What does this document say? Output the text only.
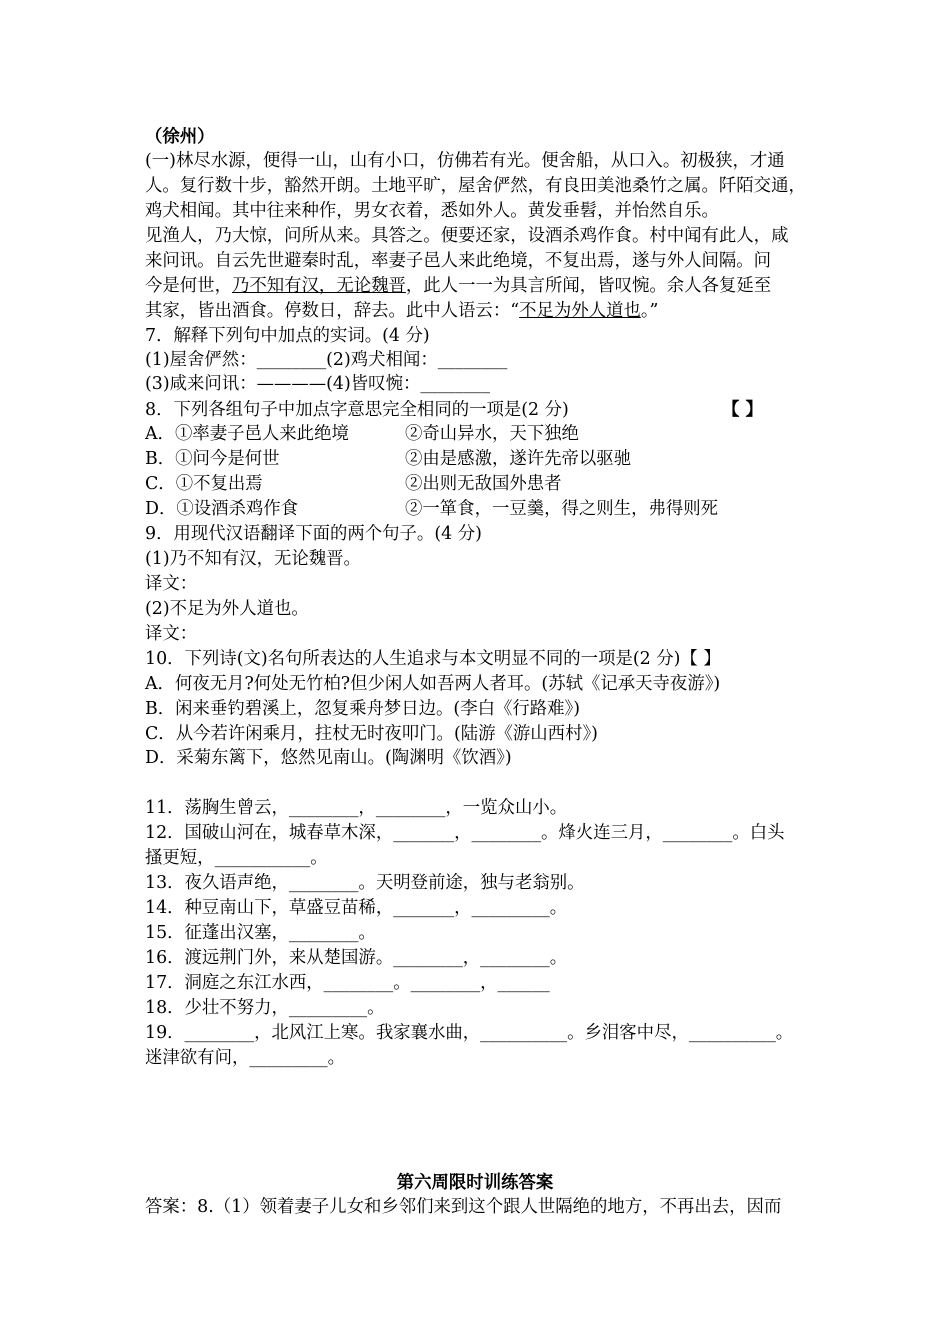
（徐州）
(一)林尽水源，便得一山，山有小口，仿佛若有光。便舍船，从口入。初极狭，才通
人。复行数十步，豁然开朗。土地平旷，屋舍俨然，有良田美池桑竹之属。阡陌交通，
鸡犬相闻。其中往来种作，男女衣着，悉如外人。黄发垂髫，并怡然自乐。
见渔人，乃大惊，问所从来。具答之。便要还家，设酒杀鸡作食。村中闻有此人，咸
来问讯。自云先世避秦时乱，率妻子邑人来此绝境，不复出焉，遂与外人间隔。问
今是何世，乃不知有汉，无论魏晋，此人一一为具言所闻，皆叹惋。余人各复延至
其家，皆出酒食。停数日，辞去。此中人语云：“不足为外人道也。”
7．解释下列句中加点的实词。(4 分)
(1)屋舍俨然：________(2)鸡犬相闻：________
(3)咸来问讯：————(4)皆叹惋：________
8．下列各组句子中加点字意思完全相同的一项是(2 分)	【 】
A．①率妻子邑人来此绝境	②奇山异水，天下独绝
B．①问今是何世	②由是感激，遂许先帝以驱驰
C．①不复出焉	②出则无敌国外患者
D．①设酒杀鸡作食	②一箪食，一豆羹，得之则生，弗得则死
9．用现代汉语翻译下面的两个句子。(4 分)
(1)乃不知有汉，无论魏晋。
译文：
(2)不足为外人道也。
译文：
10．下列诗(文)名句所表达的人生追求与本文明显不同的一项是(2 分)【 】
A．何夜无月?何处无竹柏?但少闲人如吾两人者耳。(苏轼《记承天寺夜游》)
B．闲来垂钓碧溪上，忽复乘舟梦日边。(李白《行路难》)
C．从今若许闲乘月，拄杖无时夜叩门。(陆游《游山西村》)
D．采菊东篱下，悠然见南山。(陶渊明《饮酒》)
11．荡胸生曾云，________，________，一览众山小。
12．国破山河在，城春草木深，_______，________。烽火连三月，________。白头
搔更短，___________。
13．夜久语声绝，________。天明登前途，独与老翁别。
14．种豆南山下，草盛豆苗稀，_______，_________。
15．征蓬出汉塞，________。
16．渡远荆门外，来从楚国游。________，________。
17．洞庭之东江水西，________。________，______
18．少壮不努力，_________。
19．________，北风江上寒。我家襄水曲，__________。乡泪客中尽，__________。
迷津欲有问，_________。
第六周限时训练答案
答案：8.（1）领着妻子儿女和乡邻们来到这个跟人世隔绝的地方，不再出去，因而
